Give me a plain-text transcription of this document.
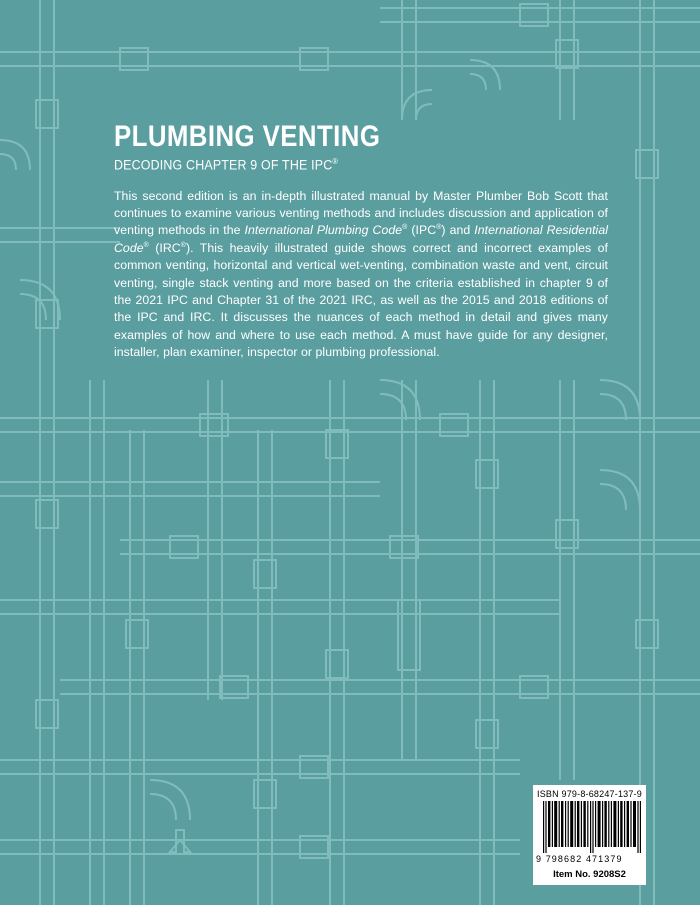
PLUMBING VENTING

DECODING CHAPTER 9 OF THE IPC®

This second edition is an in-depth illustrated manual by Master Plumber Bob Scott that continues to examine various venting methods and includes discussion and application of venting methods in the International Plumbing Code® (IPC®) and International Residential Code® (IRC®). This heavily illustrated guide shows correct and incorrect examples of common venting, horizontal and vertical wet-venting, combination waste and vent, circuit venting, single stack venting and more based on the criteria established in chapter 9 of the 2021 IPC and Chapter 31 of the 2021 IRC, as well as the 2015 and 2018 editions of the IPC and IRC. It discusses the nuances of each method in detail and gives many examples of how and where to use each method. A must have guide for any designer, installer, plan examiner, inspector or plumbing professional.

ISBN 979-8-68247-137-9
9 798682 471379
Item No. 9208S2
